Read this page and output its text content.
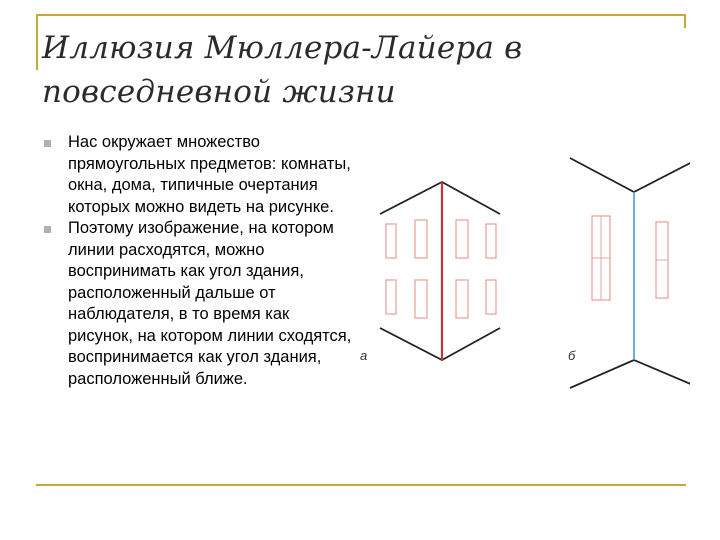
Иллюзия Мюллера-Лайера в повседневной жизни
Нас окружает множество прямоугольных предметов: комнаты, окна, дома, типичные очертания которых можно видеть на рисунке.
Поэтому изображение, на котором линии расходятся, можно воспринимать как угол здания, расположенный дальше от наблюдателя, в то время как рисунок, на котором линии сходятся, воспринимается как угол здания, расположенный ближе.
а	б
